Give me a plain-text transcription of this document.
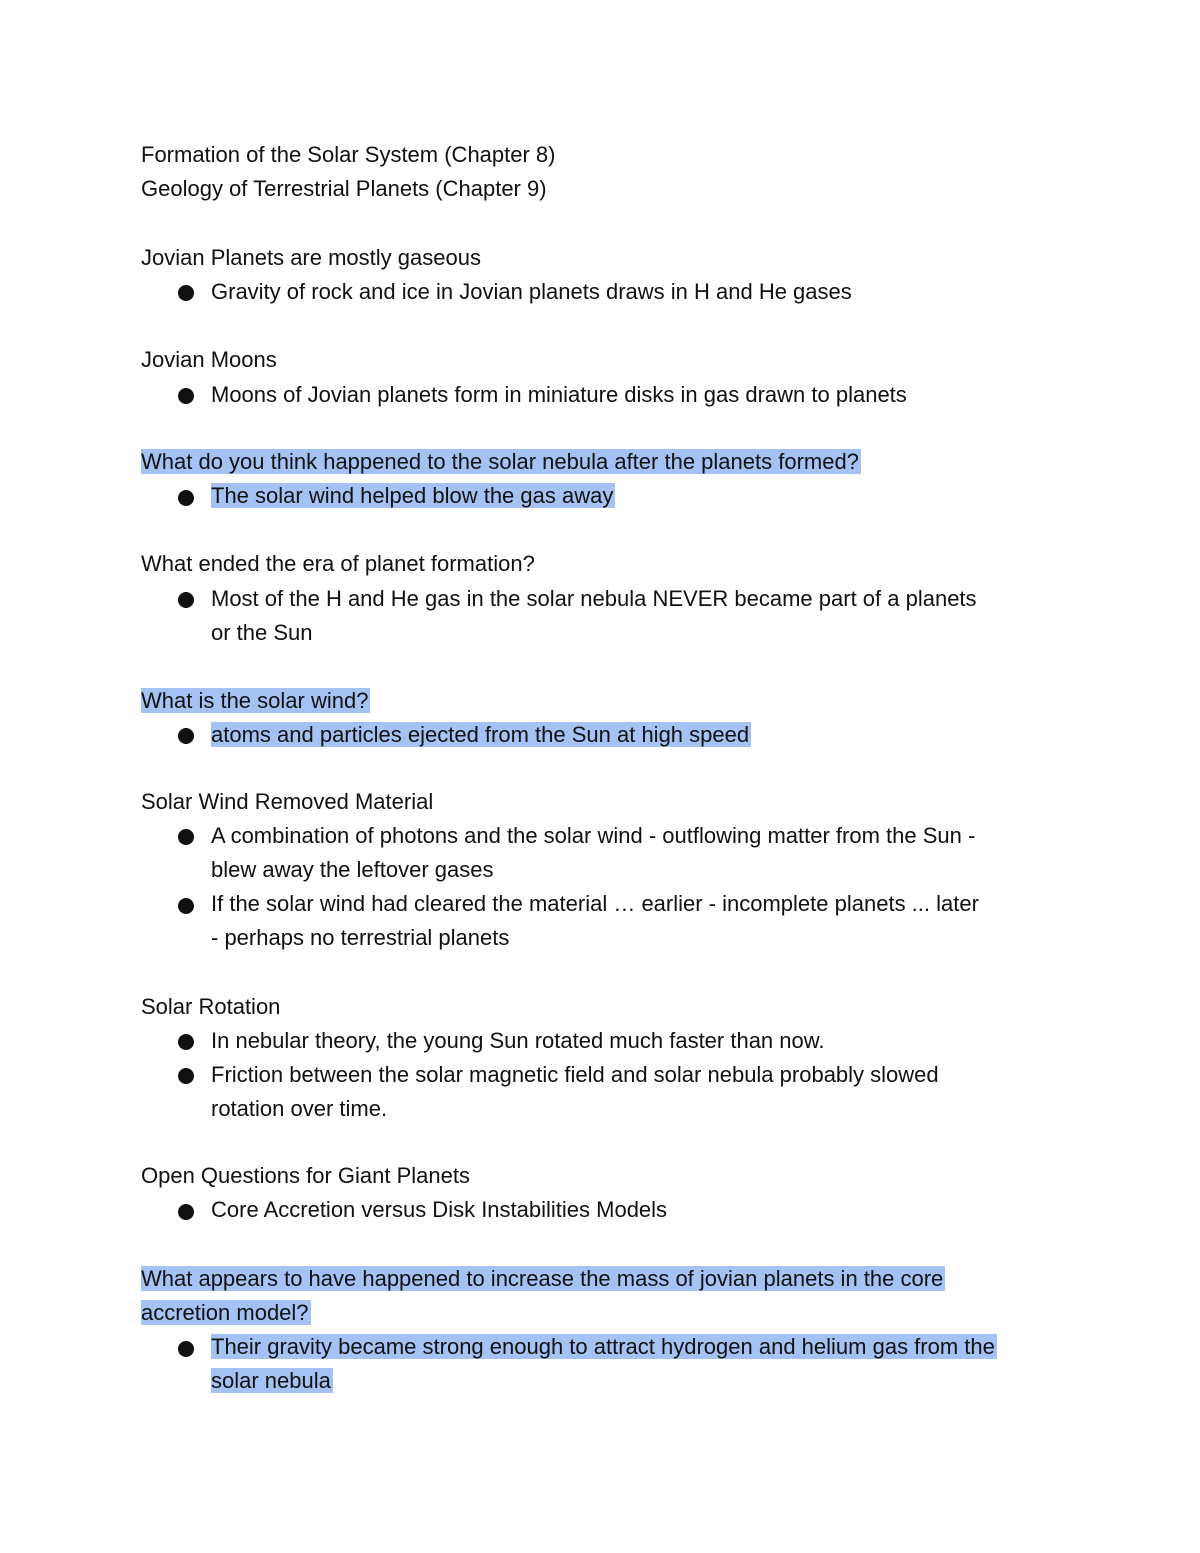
Formation of the Solar System (Chapter 8)
Geology of Terrestrial Planets (Chapter 9)
Jovian Planets are mostly gaseous
Gravity of rock and ice in Jovian planets draws in H and He gases
Jovian Moons
Moons of Jovian planets form in miniature disks in gas drawn to planets
What do you think happened to the solar nebula after the planets formed?
The solar wind helped blow the gas away
What ended the era of planet formation?
Most of the H and He gas in the solar nebula NEVER became part of a planets
or the Sun
What is the solar wind?
atoms and particles ejected from the Sun at high speed
Solar Wind Removed Material
A combination of photons and the solar wind - outflowing matter from the Sun -
blew away the leftover gases
If the solar wind had cleared the material … earlier - incomplete planets ... later
- perhaps no terrestrial planets
Solar Rotation
In nebular theory, the young Sun rotated much faster than now.
Friction between the solar magnetic field and solar nebula probably slowed
rotation over time.
Open Questions for Giant Planets
Core Accretion versus Disk Instabilities Models
What appears to have happened to increase the mass of jovian planets in the core
accretion model?
Their gravity became strong enough to attract hydrogen and helium gas from the
solar nebula
